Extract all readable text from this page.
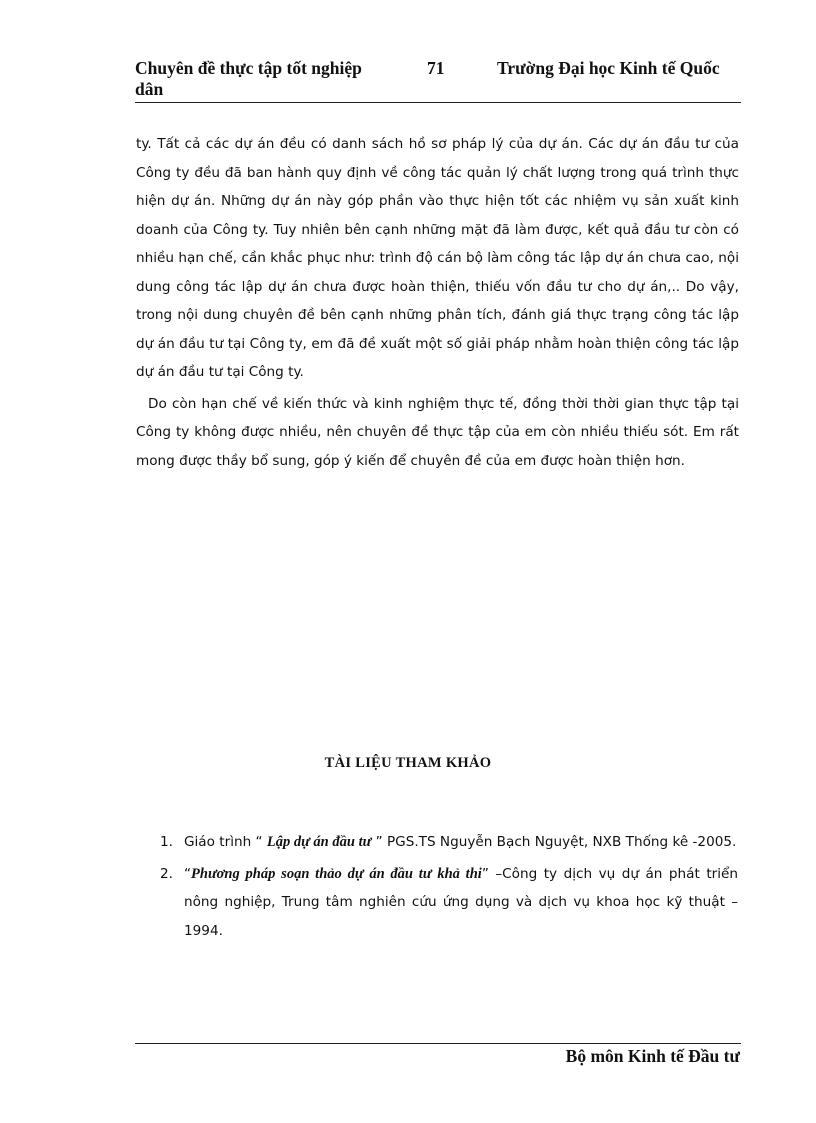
Chuyên đề thực tập tốt nghiệp	71	Trường Đại học Kinh tế Quốc
dân

ty. Tất cả các dự án đều có danh sách hồ sơ pháp lý của dự án. Các dự án đầu tư của Công ty đều đã ban hành quy định về công tác quản lý chất lượng trong quá trình thực hiện dự án. Những dự án này góp phần vào thực hiện tốt các nhiệm vụ sản xuất kinh doanh của Công ty. Tuy nhiên bên cạnh những mặt đã làm được, kết quả đầu tư còn có nhiều hạn chế, cần khắc phục như: trình độ cán bộ làm công tác lập dự án chưa cao, nội dung công tác lập dự án chưa được hoàn thiện, thiếu vốn đầu tư cho dự án,.. Do vậy, trong nội dung chuyên đề bên cạnh những phân tích, đánh giá thực trạng công tác lập dự án đầu tư tại Công ty, em đã đề xuất một số giải pháp nhằm hoàn thiện công tác lập dự án đầu tư tại Công ty.

Do còn hạn chế về kiến thức và kinh nghiệm thực tế, đồng thời thời gian thực tập tại Công ty không được nhiều, nên chuyên đề thực tập của em còn nhiều thiếu sót. Em rất mong được thầy bổ sung, góp ý kiến để chuyên đề của em được hoàn thiện hơn.

TÀI LIỆU THAM KHẢO
1. Giáo trình “ Lập dự án đầu tư ” PGS.TS Nguyễn Bạch Nguyệt, NXB Thống kê -2005.
2. “Phương pháp soạn thảo dự án đầu tư khả thi” –Công ty dịch vụ dự án phát triển nông nghiệp, Trung tâm nghiên cứu ứng dụng và dịch vụ khoa học kỹ thuật – 1994.
Bộ môn Kinh tế Đầu tư
